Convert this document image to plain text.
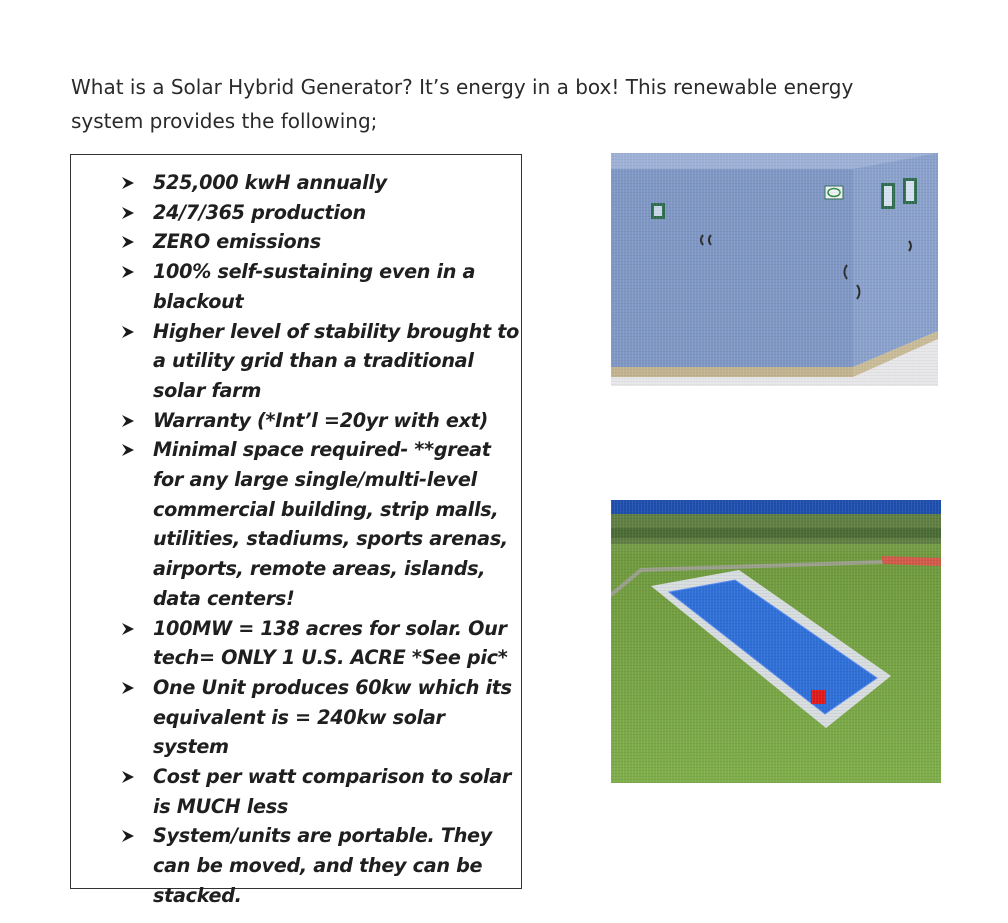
What is a Solar Hybrid Generator? It’s energy in a box! This renewable energy
system provides the following;

525,000 kwH annually
24/7/365 production
ZERO emissions
100% self-sustaining even in a blackout
Higher level of stability brought to a utility grid than a traditional solar farm
Warranty (*Int’l =20yr with ext)
Minimal space required- **great for any large single/multi-level commercial building, strip malls, utilities, stadiums, sports arenas, airports, remote areas, islands, data centers!
100MW = 138 acres for solar. Our tech= ONLY 1 U.S. ACRE *See pic*
One Unit produces 60kw which its equivalent is = 240kw solar system
Cost per watt comparison to solar is MUCH less
System/units are portable. They can be moved, and they can be stacked.
